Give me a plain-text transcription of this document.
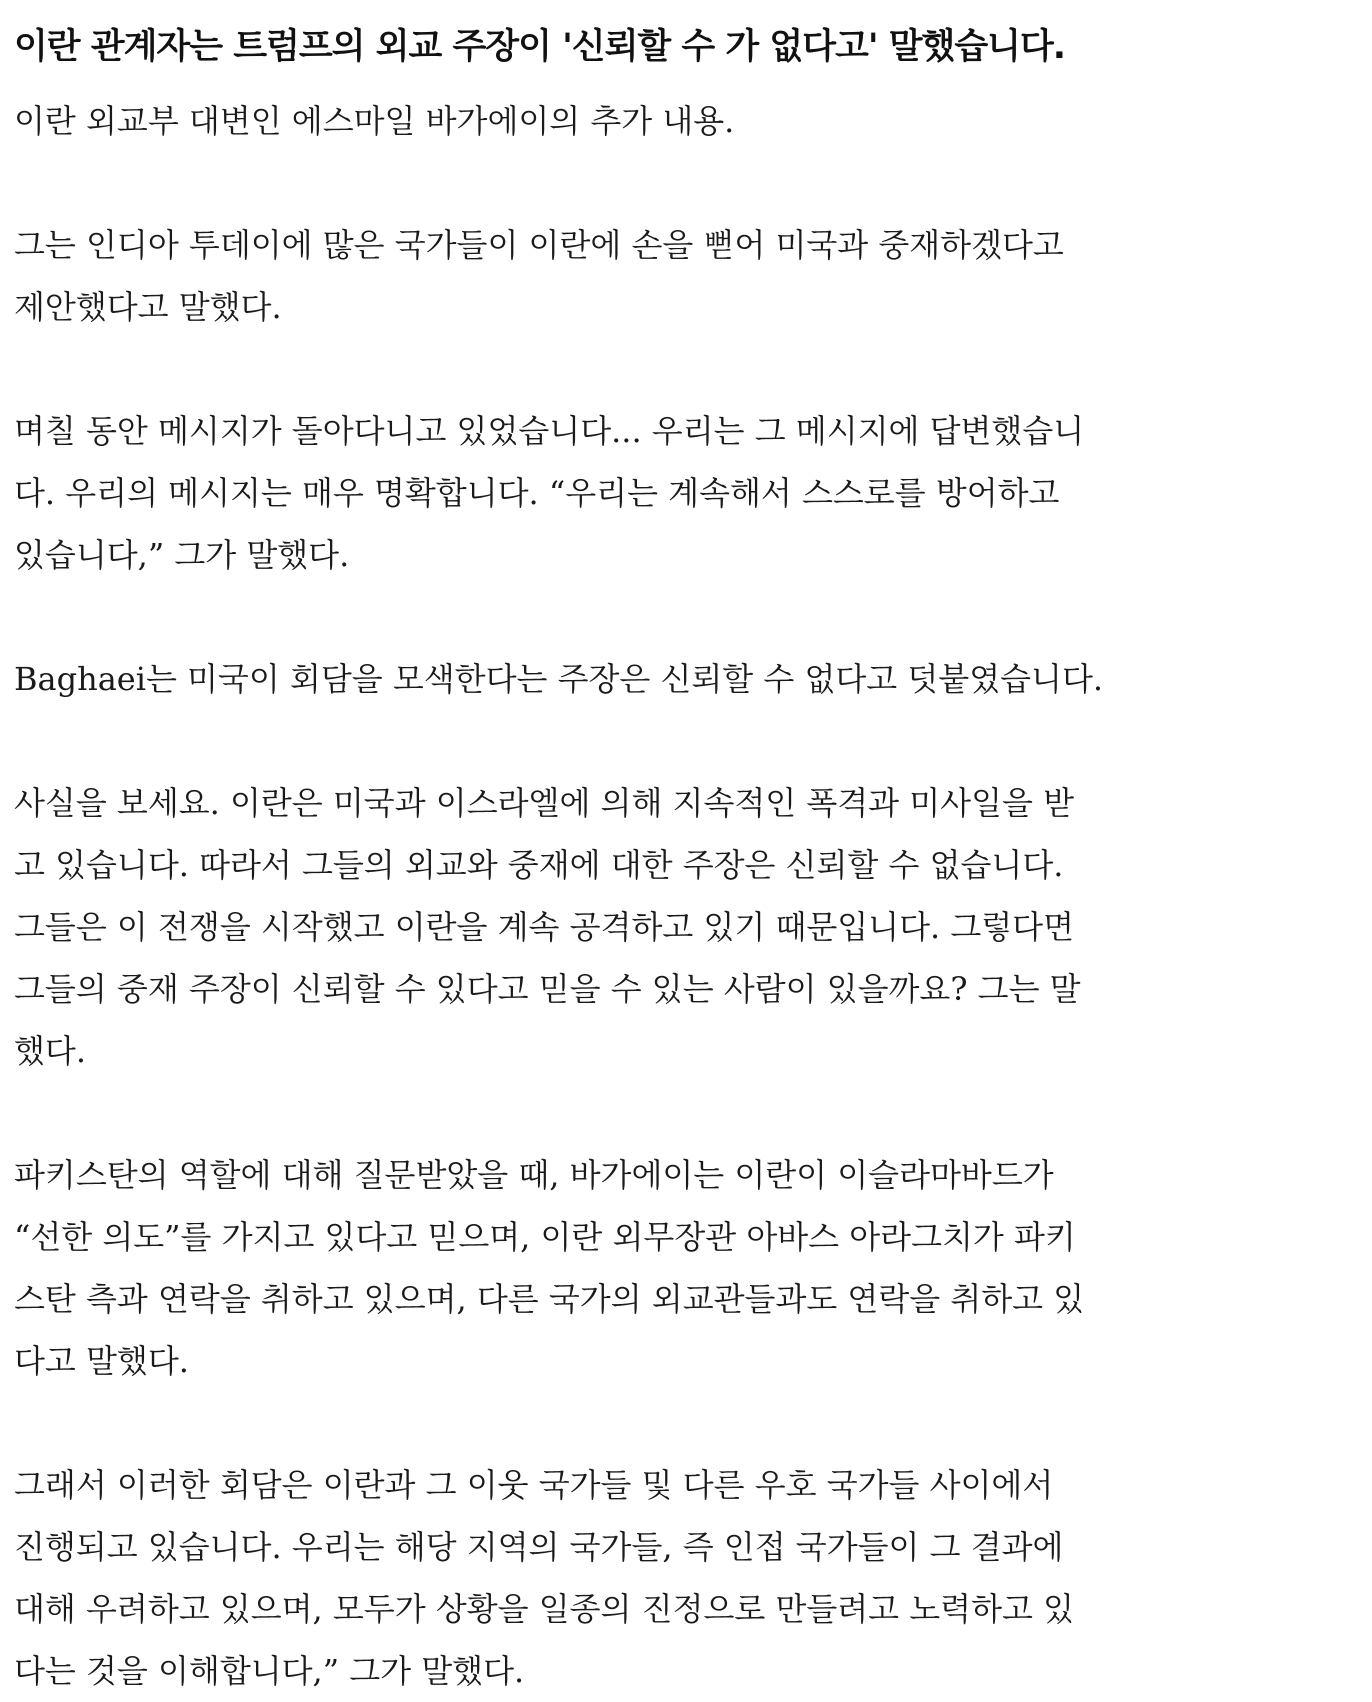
이란 관계자는 트럼프의 외교 주장이 '신뢰할 수 가 없다고' 말했습니다.

이란 외교부 대변인 에스마일 바가에이의 추가 내용.

그는 인디아 투데이에 많은 국가들이 이란에 손을 뻗어 미국과 중재하겠다고
제안했다고 말했다.

며칠 동안 메시지가 돌아다니고 있었습니다... 우리는 그 메시지에 답변했습니
다. 우리의 메시지는 매우 명확합니다. “우리는 계속해서 스스로를 방어하고
있습니다,” 그가 말했다.

Baghaei는 미국이 회담을 모색한다는 주장은 신뢰할 수 없다고 덧붙였습니다.

사실을 보세요. 이란은 미국과 이스라엘에 의해 지속적인 폭격과 미사일을 받
고 있습니다. 따라서 그들의 외교와 중재에 대한 주장은 신뢰할 수 없습니다.
그들은 이 전쟁을 시작했고 이란을 계속 공격하고 있기 때문입니다. 그렇다면
그들의 중재 주장이 신뢰할 수 있다고 믿을 수 있는 사람이 있을까요? 그는 말
했다.

파키스탄의 역할에 대해 질문받았을 때, 바가에이는 이란이 이슬라마바드가
“선한 의도”를 가지고 있다고 믿으며, 이란 외무장관 아바스 아라그치가 파키
스탄 측과 연락을 취하고 있으며, 다른 국가의 외교관들과도 연락을 취하고 있
다고 말했다.

그래서 이러한 회담은 이란과 그 이웃 국가들 및 다른 우호 국가들 사이에서
진행되고 있습니다. 우리는 해당 지역의 국가들, 즉 인접 국가들이 그 결과에
대해 우려하고 있으며, 모두가 상황을 일종의 진정으로 만들려고 노력하고 있
다는 것을 이해합니다,” 그가 말했다.
